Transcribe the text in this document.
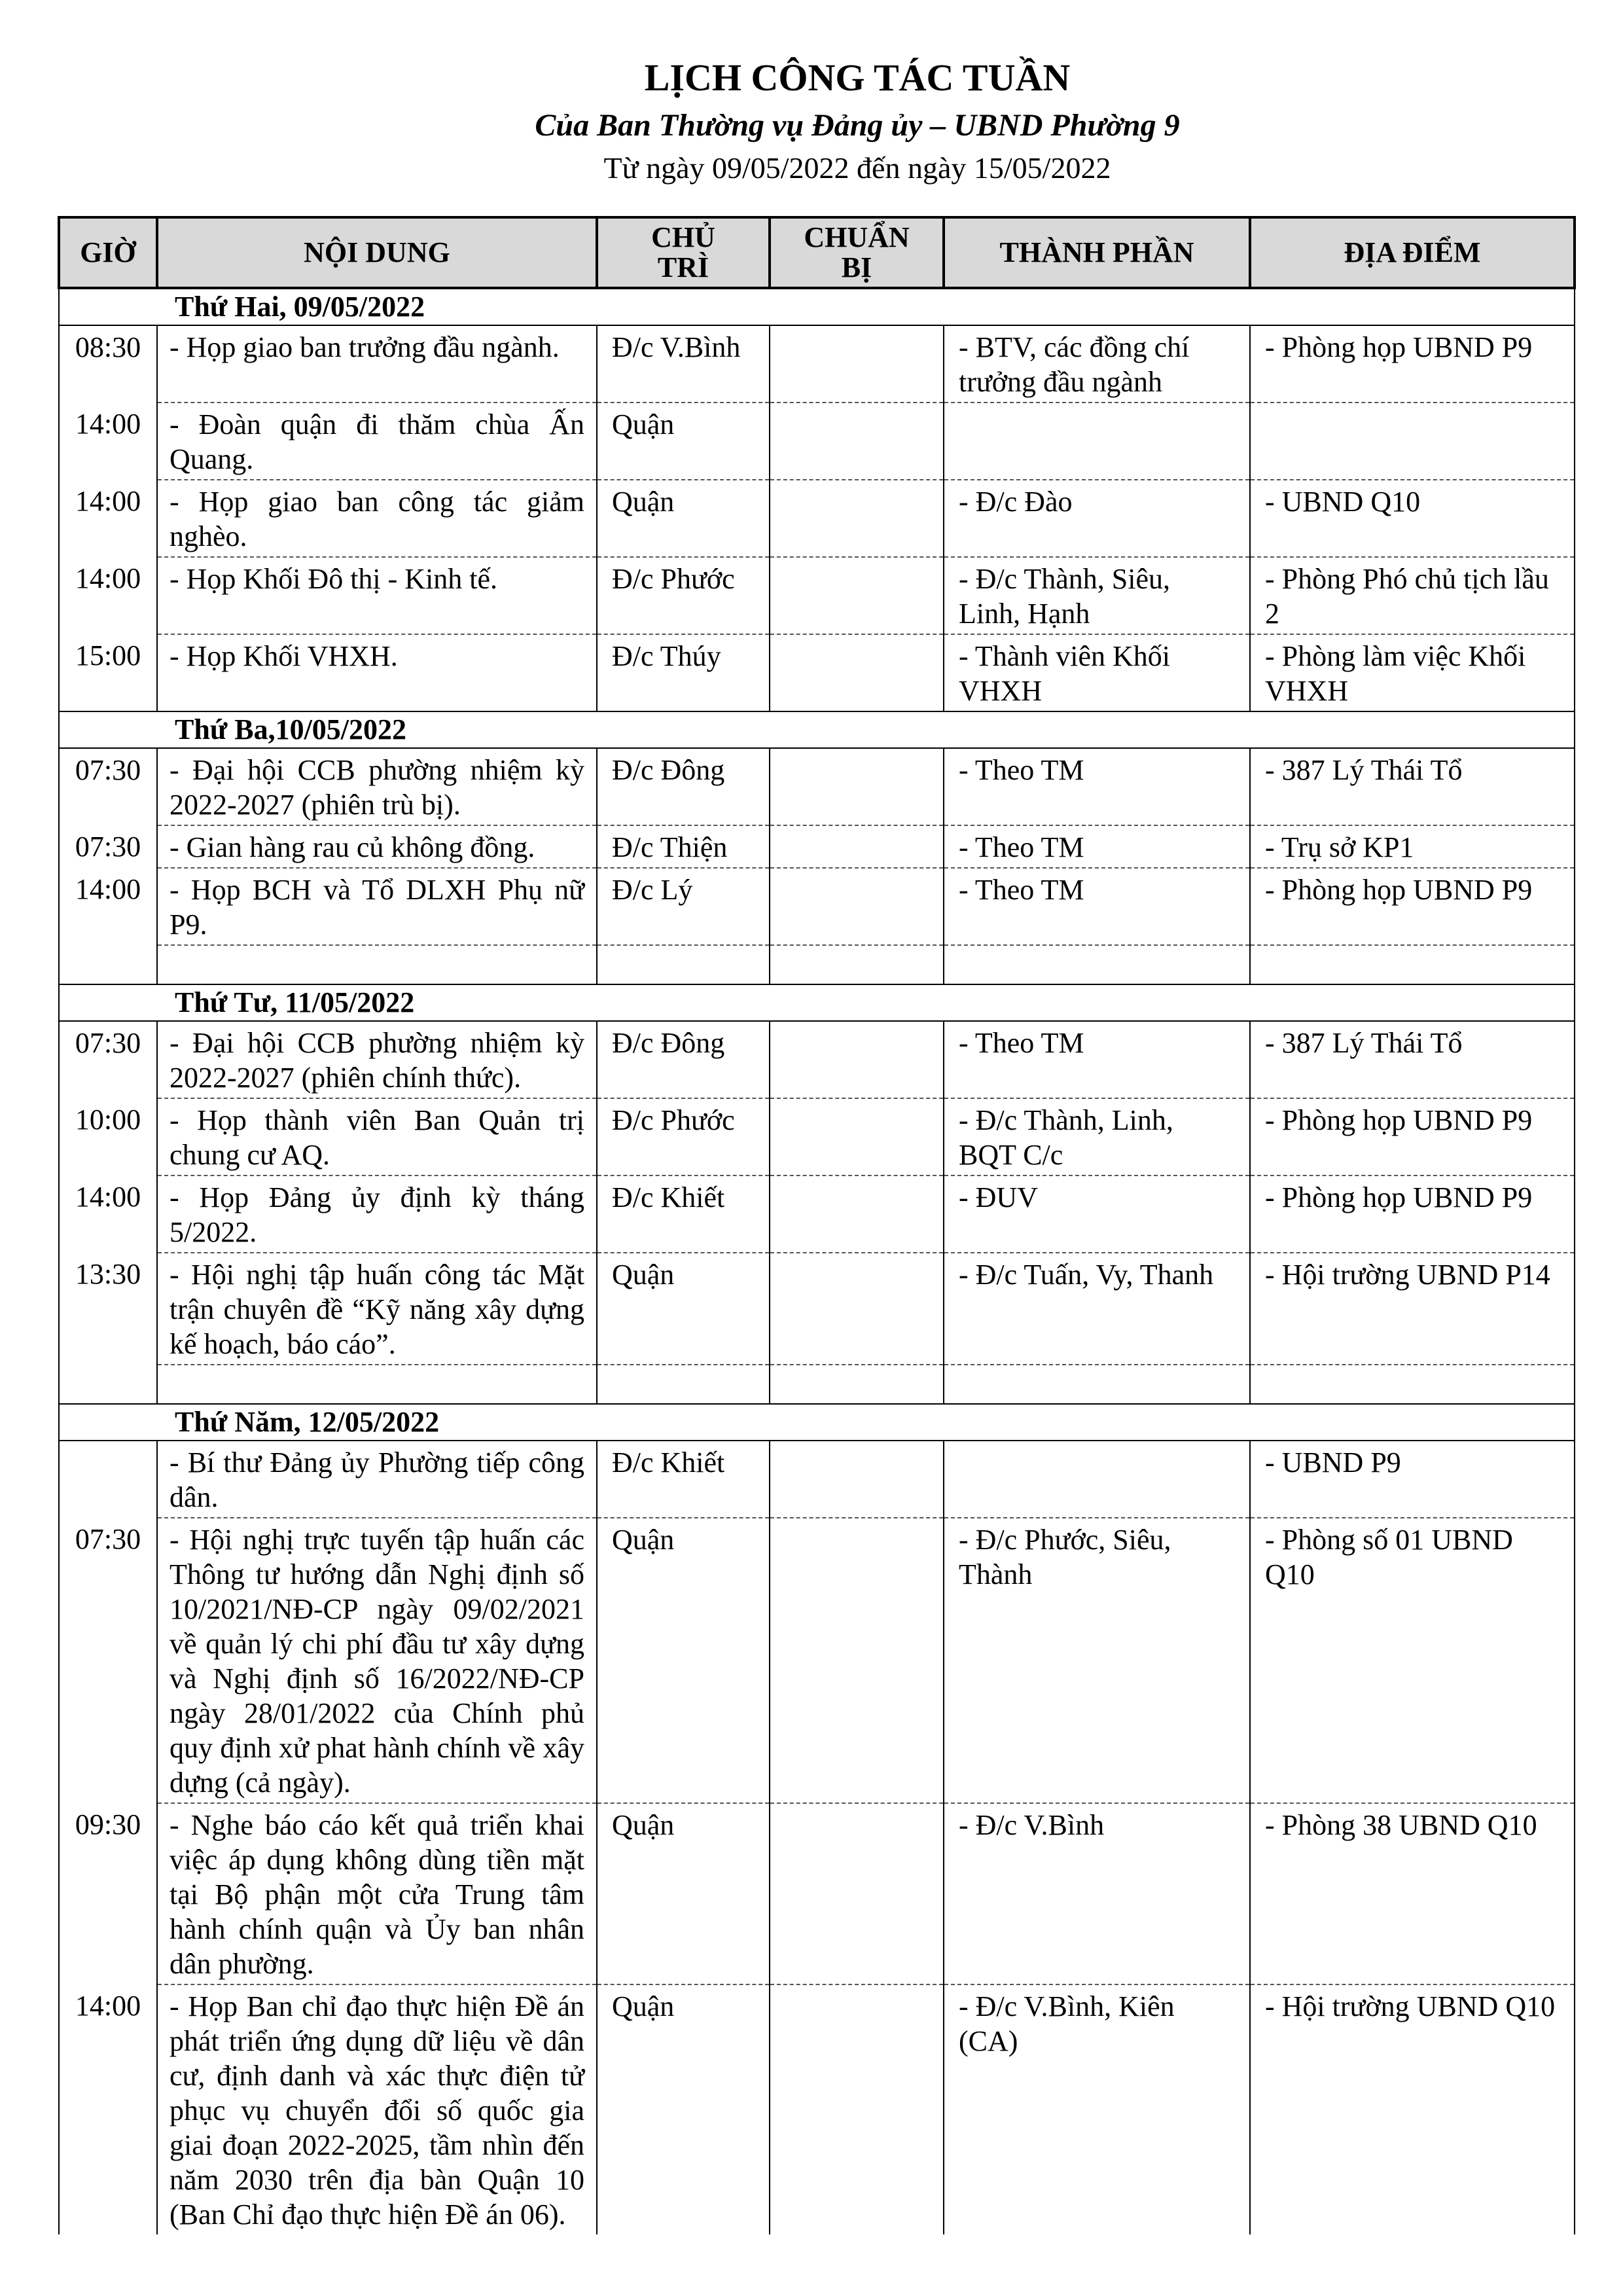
LỊCH CÔNG TÁC TUẦN
Của Ban Thường vụ Đảng ủy – UBND Phường 9
Từ ngày 09/05/2022 đến ngày 15/05/2022
GIỜ	NỘI DUNG	CHỦ TRÌ	CHUẨN BỊ	THÀNH PHẦN	ĐỊA ĐIỂM
Thứ Hai, 09/05/2022					
08:30	- Họp giao ban trưởng đầu ngành.	Đ/c V.Bình		- BTV, các đồng chí trưởng đầu ngành	- Phòng họp UBND P9
14:00	- Đoàn quận đi thăm chùa Ấn Quang.	Quận			
14:00	- Họp giao ban công tác giảm nghèo.	Quận		- Đ/c Đào	- UBND Q10
14:00	- Họp Khối Đô thị - Kinh tế.	Đ/c Phước		- Đ/c Thành, Siêu, Linh, Hạnh	- Phòng Phó chủ tịch lầu 2
15:00	- Họp Khối VHXH.	Đ/c Thúy		- Thành viên Khối VHXH	- Phòng làm việc Khối VHXH
Thứ Ba,10/05/2022					
07:30	- Đại hội CCB phường nhiệm kỳ 2022-2027 (phiên trù bị).	Đ/c Đông		- Theo TM	- 387 Lý Thái Tổ
07:30	- Gian hàng rau củ không đồng.	Đ/c Thiện		- Theo TM	- Trụ sở KP1
14:00	- Họp BCH và Tổ DLXH Phụ nữ P9.	Đ/c Lý		- Theo TM	- Phòng họp UBND P9

Thứ Tư, 11/05/2022					
07:30	- Đại hội CCB phường nhiệm kỳ 2022-2027 (phiên chính thức).	Đ/c Đông		- Theo TM	- 387 Lý Thái Tổ
10:00	- Họp thành viên Ban Quản trị chung cư AQ.	Đ/c Phước		- Đ/c Thành, Linh, BQT C/c	- Phòng họp UBND P9
14:00	- Họp Đảng ủy định kỳ tháng 5/2022.	Đ/c Khiết		- ĐUV	- Phòng họp UBND P9
13:30	- Hội nghị tập huấn công tác Mặt trận chuyên đề “Kỹ năng xây dựng kế hoạch, báo cáo”.	Quận		- Đ/c Tuấn, Vy, Thanh	- Hội trường UBND P14

Thứ Năm, 12/05/2022					
	- Bí thư Đảng ủy Phường tiếp công dân.	Đ/c Khiết			- UBND P9
07:30	- Hội nghị trực tuyến tập huấn các Thông tư hướng dẫn Nghị định số 10/2021/NĐ-CP ngày 09/02/2021 về quản lý chi phí đầu tư xây dựng và Nghị định số 16/2022/NĐ-CP ngày 28/01/2022 của Chính phủ quy định xử phat hành chính về xây dựng (cả ngày).	Quận		- Đ/c Phước, Siêu, Thành	- Phòng số 01 UBND Q10
09:30	- Nghe báo cáo kết quả triển khai việc áp dụng không dùng tiền mặt tại Bộ phận một cửa Trung tâm hành chính quận và Ủy ban nhân dân phường.	Quận		- Đ/c V.Bình	- Phòng 38 UBND Q10
14:00	- Họp Ban chỉ đạo thực hiện Đề án phát triển ứng dụng dữ liệu về dân cư, định danh và xác thực điện tử phục vụ chuyển đổi số quốc gia giai đoạn 2022-2025, tầm nhìn đến năm 2030 trên địa bàn Quận 10 (Ban Chỉ đạo thực hiện Đề án 06).	Quận		- Đ/c V.Bình, Kiên (CA)	- Hội trường UBND Q10
